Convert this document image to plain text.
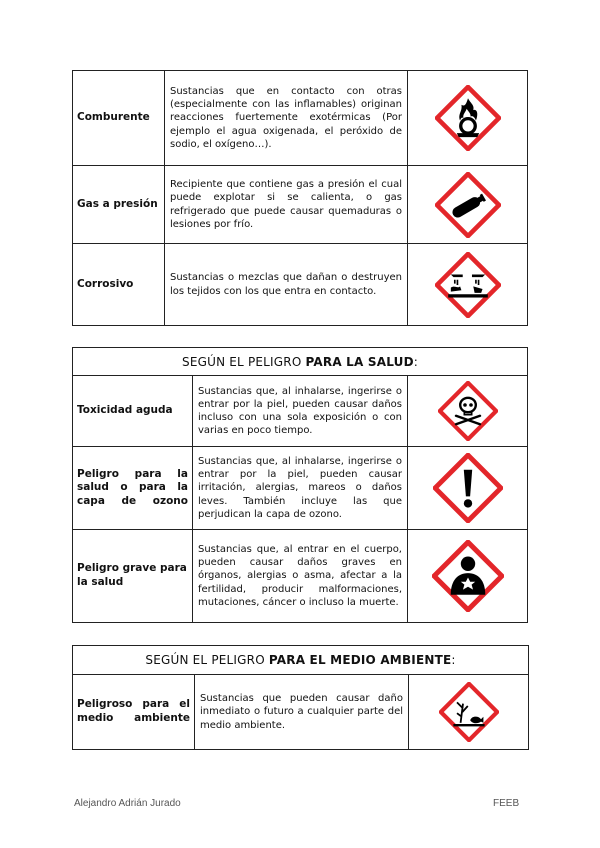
Comburente	Sustancias que en contacto con otras (especialmente con las inflamables) originan reacciones fuertemente exotérmicas (Por ejemplo el agua oxigenada, el peróxido de sodio, el oxígeno…).	

Gas a presión	Recipiente que contiene gas a presión el cual puede explotar si se calienta, o gas refrigerado que puede causar quemaduras o lesiones por frío.	

Corrosivo	Sustancias o mezclas que dañan o destruyen los tejidos con los que entra en contacto.	
SEGÚN EL PELIGRO PARA LA SALUD:		
Toxicidad aguda	Sustancias que, al inhalarse, ingerirse o entrar por la piel, pueden causar daños incluso con una sola exposición o con varias en poco tiempo.	

Peligro para la salud o para la capa de ozono	Sustancias que, al inhalarse, ingerirse o entrar por la piel, pueden causar irritación, alergias, mareos o daños leves. También incluye las que perjudican la capa de ozono.	

Peligro grave para la salud	Sustancias que, al entrar en el cuerpo, pueden causar daños graves en órganos, alergias o asma, afectar a la fertilidad, producir malformaciones, mutaciones, cáncer o incluso la muerte.	
SEGÚN EL PELIGRO PARA EL MEDIO AMBIENTE:
Peligroso para el medio ambiente	Sustancias que pueden causar daño inmediato o futuro a cualquier parte del medio ambiente.	
Alejandro Adrián Jurado	FEEB
